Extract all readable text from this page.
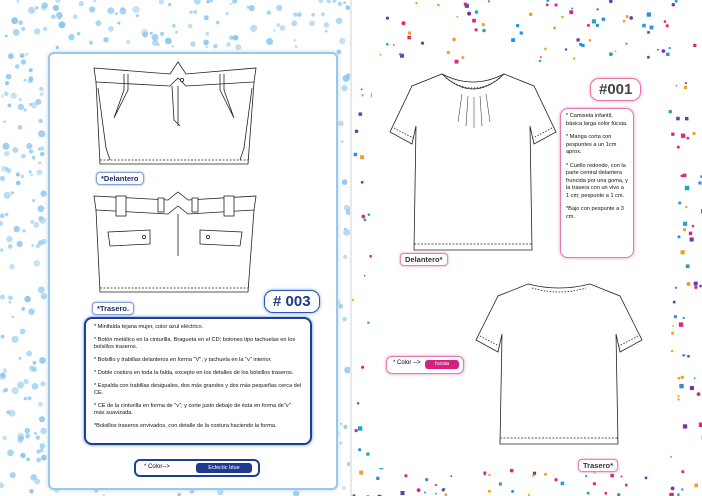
*Delantero
*Trasero.	# 003

* Minifalda tejana mujer, color azul eléctrico.

* Botón metálico en la cinturilla. Bragueta en el CD; botones tipo tachuelas en los bolsillos traseros.

* Bolsillo y trabillas delanteros en forma "V", y tachuela en la "v" interior.

* Doble costura en toda la falda, excepto en los detalles de los bolsillos traseros.

* Espalda con trabillas desiguales, dos más grandes y dos más pequeñas cerca del CE.

* CE de la cinturilla en forma de "v"; y corte justo debajo de ésta en forma de"v" más suavizada.

*Bolsillos traseros envivados, con detalle de la costura haciendo la forma.

* Color-->	Eclectic blue
Delantero*
#001

* Camiseta infantil, básica larga color fúcsia.

* Manga corta con pespuntes a un 1cm aprox.

* Cuello redondo, con la parte central delantera fruncida por una goma, y la trasera con un vivo a 1 cm; pespunte a 1 cm.

*Bajo con pespunte a 3 cm.

Trasero*
* Color -->	fucsia
